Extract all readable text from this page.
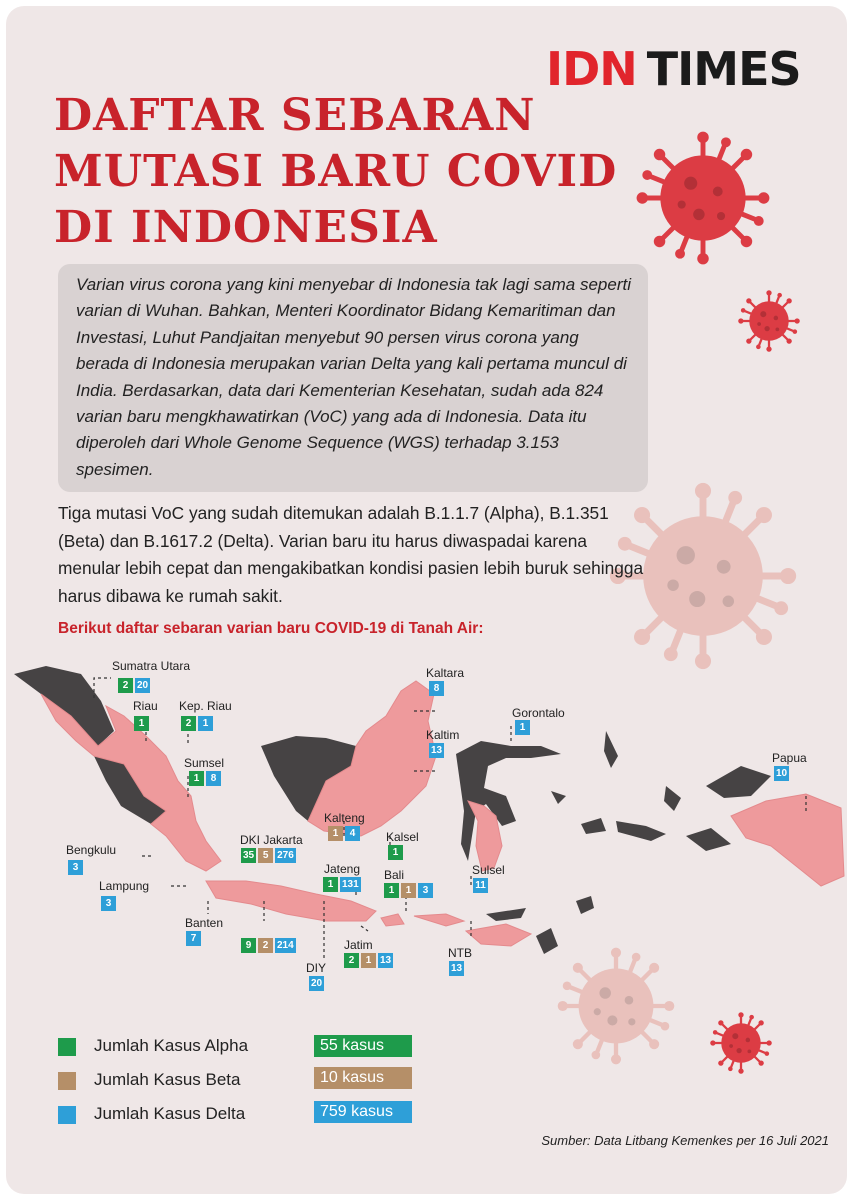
IDN TIMES
DAFTAR SEBARAN
MUTASI BARU COVID
DI INDONESIA
Varian virus corona yang kini menyebar di Indonesia tak lagi sama seperti varian di Wuhan. Bahkan, Menteri Koordinator Bidang Kemaritiman dan Investasi, Luhut Pandjaitan menyebut 90 persen virus corona yang berada di Indonesia merupakan varian Delta yang kali pertama muncul di India. Berdasarkan, data dari Kementerian Kesehatan, sudah ada 824 varian baru mengkhawatirkan (VoC) yang ada di Indonesia. Data itu diperoleh dari Whole Genome Sequence (WGS) terhadap 3.153 spesimen.
Tiga mutasi VoC yang sudah ditemukan adalah B.1.1.7 (Alpha), B.1.351 (Beta) dan B.1617.2 (Delta). Varian baru itu harus diwaspadai karena menular lebih cepat dan mengakibatkan kondisi pasien lebih buruk sehingga harus dibawa ke rumah sakit.
Berikut daftar sebaran varian baru COVID-19 di Tanah Air:
Sumatra Utara
2 20
Riau
1
Kep. Riau
2	1
Sumsel
1	8
Bengkulu
3
Lampung
3
Banten
7
DKI Jakarta
35 5 276
9	2 214
DIY
20
Jateng
1 131
Jatim
2	1 13
Bali
1	1	3
NTB
13
Kalteng
1	4	Kalsel
1
Kaltara
8
Kaltim
13
Gorontalo
1
Sulsel
11
Papua
10
Jumlah Kasus Alpha	55 kasus
Jumlah Kasus Beta	10 kasus
Jumlah Kasus Delta	759 kasus
Sumber: Data Litbang Kemenkes per 16 Juli 2021
